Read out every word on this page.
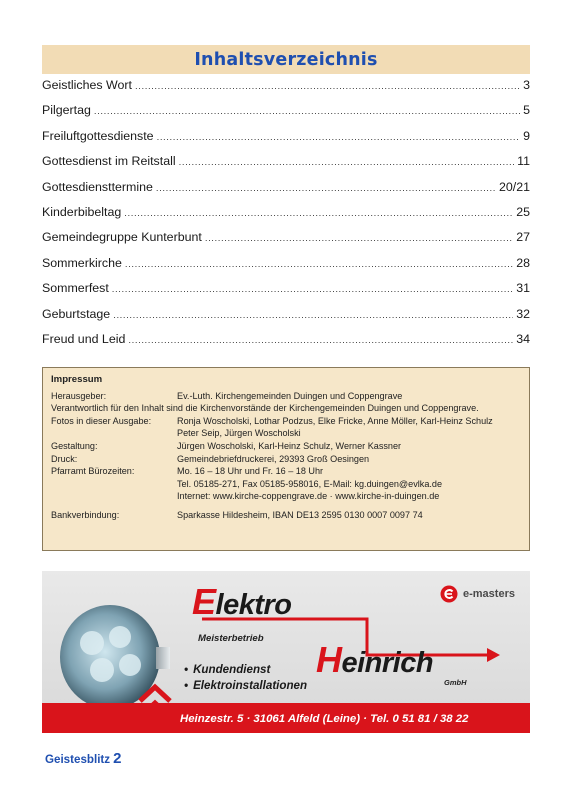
Inhaltsverzeichnis
Geistliches Wort .....	3
Pilgertag .....	5
Freiluftgottesdienste .....	9
Gottesdienst im Reitstall .....	11
Gottesdiensttermine .....	20/21
Kinderbibeltag .....	25
Gemeindegruppe Kunterbunt .....	27
Sommerkirche .....	28
Sommerfest .....	31
Geburtstage .....	32
Freud und Leid .....	34
Impressum
Herausgeber:	Ev.-Luth. Kirchengemeinden Duingen und Coppengrave
Verantwortlich für den Inhalt sind die Kirchenvorstände der Kirchengemeinden Duingen und Coppengrave.
Fotos in dieser Ausgabe:	Ronja Woscholski, Lothar Podzus, Elke Fricke, Anne Möller, Karl-Heinz Schulz
Peter Seip, Jürgen Woscholski
Gestaltung:	Jürgen Woscholski, Karl-Heinz Schulz, Werner Kassner
Druck:	Gemeindebriefdruckerei, 29393 Groß Oesingen
Pfarramt Bürozeiten:	Mo. 16 – 18 Uhr und Fr. 16 – 18 Uhr
Tel. 05185-271, Fax 05185-958016, E-Mail: kg.duingen@evlka.de
Internet: www.kirche-coppengrave.de · www.kirche-in-duingen.de
Bankverbindung:	Sparkasse Hildesheim, IBAN DE13 2595 0130 0007 0097 74
Elektro
Meisterbetrieb
Heinrich
GmbH
• Kundendienst
• Elektroinstallationen
e-masters
Heinzestr. 5 · 31061 Alfeld (Leine) · Tel. 0 51 81 / 38 22
Geistesblitz 2
